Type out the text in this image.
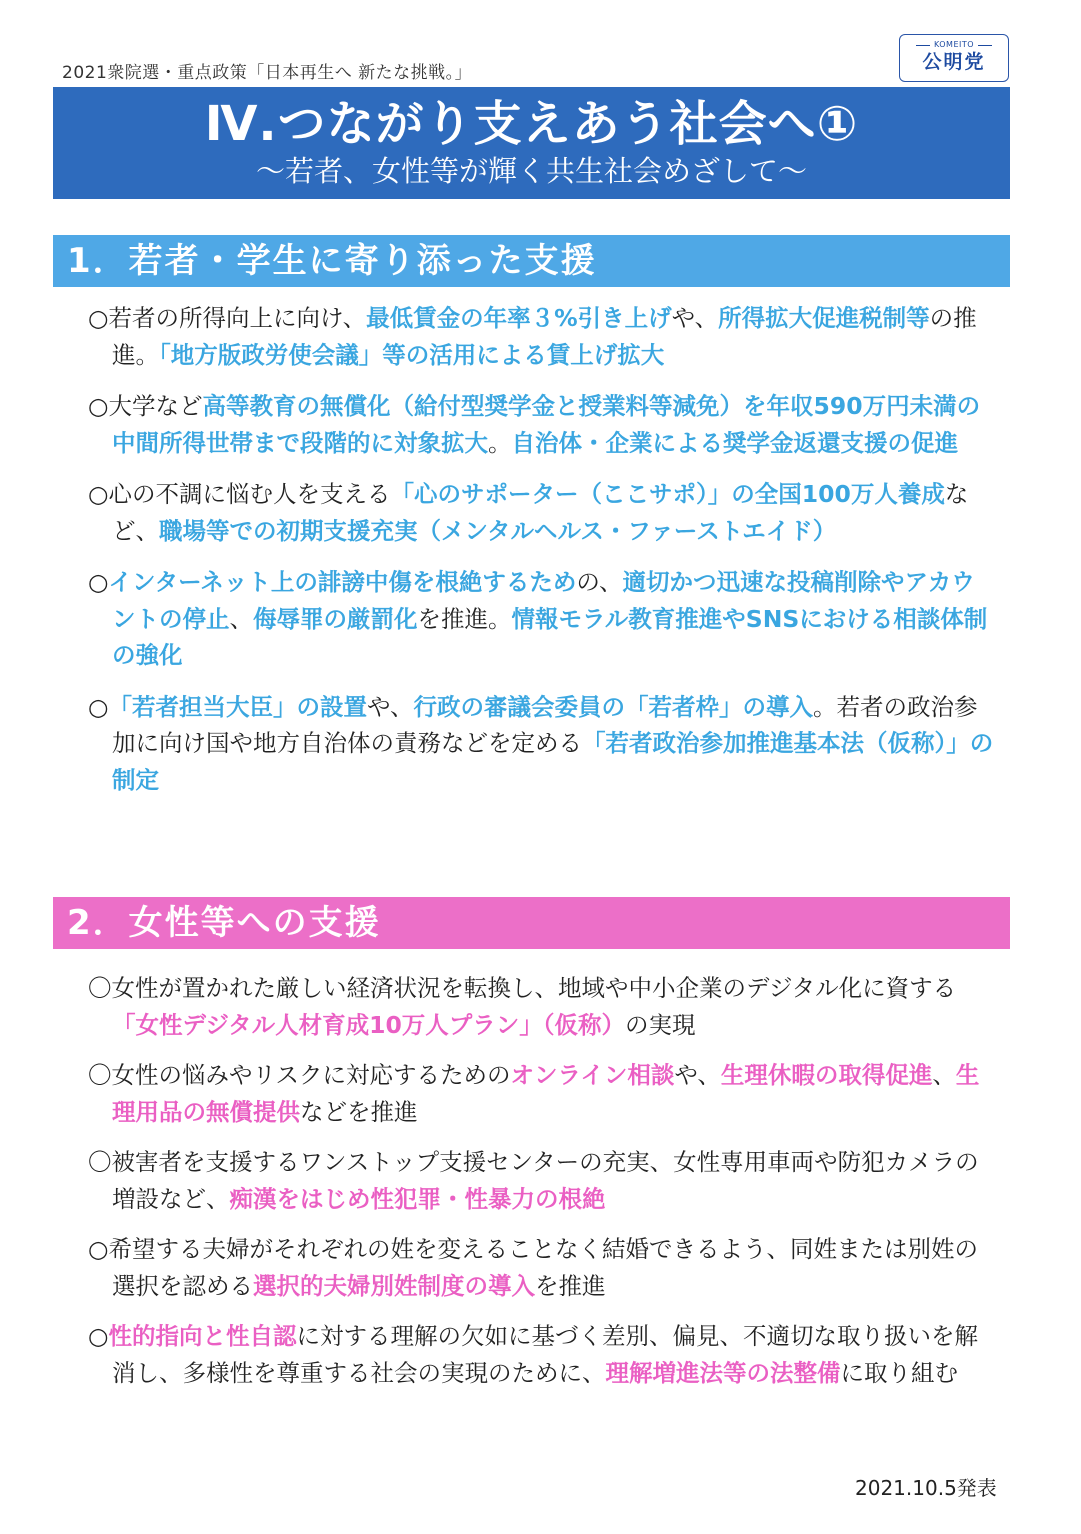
2021衆院選・重点政策「日本再生へ 新たな挑戦。」
KOMEITO
公明党
Ⅳ.つながり支えあう社会へ①
〜若者、女性等が輝く共生社会めざして〜
1．若者・学生に寄り添った支援
○若者の所得向上に向け、最低賃金の年率３%引き上げや、所得拡大促進税制等の推進。「地方版政労使会議」等の活用による賃上げ拡大
○大学など高等教育の無償化（給付型奨学金と授業料等減免）を年収590万円未満の中間所得世帯まで段階的に対象拡大。自治体・企業による奨学金返還支援の促進
○心の不調に悩む人を支える「心のサポーター（ここサポ）」の全国100万人養成など、職場等での初期支援充実（メンタルヘルス・ファーストエイド）
○インターネット上の誹謗中傷を根絶するための、適切かつ迅速な投稿削除やアカウントの停止、侮辱罪の厳罰化を推進。情報モラル教育推進やSNSにおける相談体制の強化
○「若者担当大臣」の設置や、行政の審議会委員の「若者枠」の導入。若者の政治参加に向け国や地方自治体の責務などを定める「若者政治参加推進基本法（仮称）」の制定
2．女性等への支援
〇女性が置かれた厳しい経済状況を転換し、地域や中小企業のデジタル化に資する「女性デジタル人材育成10万人プラン」（仮称）の実現
〇女性の悩みやリスクに対応するためのオンライン相談や、生理休暇の取得促進、生理用品の無償提供などを推進
〇被害者を支援するワンストップ支援センターの充実、女性専用車両や防犯カメラの増設など、痴漢をはじめ性犯罪・性暴力の根絶
○希望する夫婦がそれぞれの姓を変えることなく結婚できるよう、同姓または別姓の選択を認める選択的夫婦別姓制度の導入を推進
○性的指向と性自認に対する理解の欠如に基づく差別、偏見、不適切な取り扱いを解消し、多様性を尊重する社会の実現のために、理解増進法等の法整備に取り組む
2021.10.5発表
